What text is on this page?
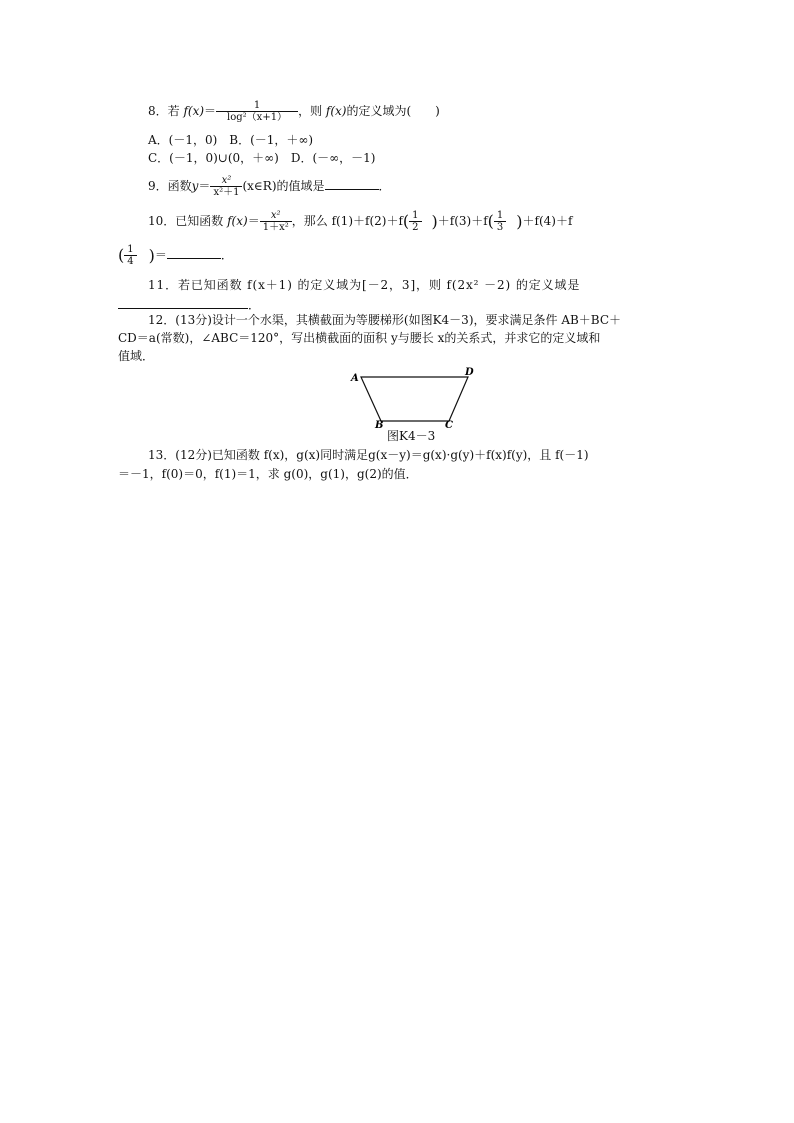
8．若 $f(x)= \frac{1}{\text{log²（x+1）}}$ ，则 f(x)的定义域为(　　)
A．(－1，0)　B．(－1，＋∞)
C．(－1，0)∪(0，＋∞)　D．(－∞，－1)
9．函数$y= \frac{\text{x²}}{\text{x²＋1}}$ (x∈R)的值域是	．
10．已知函数 $f(x)= \frac{\text{x²}}{\text{1＋x²}}$ ，那么 $f(1)+f(2)+f( \frac{1}{2} )+f(3)+f( \frac{1}{3} )+f(4)+f$
( $\frac{1}{4}$ )＝	．
11．若已知函数 f(x＋1) 的定义域为[－2，3]，则 f(2x² －2) 的定义域是
．
12．(13分)设计一个水渠，其横截面为等腰梯形(如图K4－3)，要求满足条件 AB＋BC＋
CD＝a(常数)，∠ABC＝120°，写出横截面的面积 y与腰长 x的关系式，并求它的定义域和
值域．
A
D
B	C
图K4－3
13．(12分)已知函数 f(x)，g(x)同时满足g(x－y)＝g(x)·g(y)＋f(x)f(y)，且 f(－1)
＝－1，f(0)＝0，f(1)＝1，求 g(0)，g(1)，g(2)的值．
